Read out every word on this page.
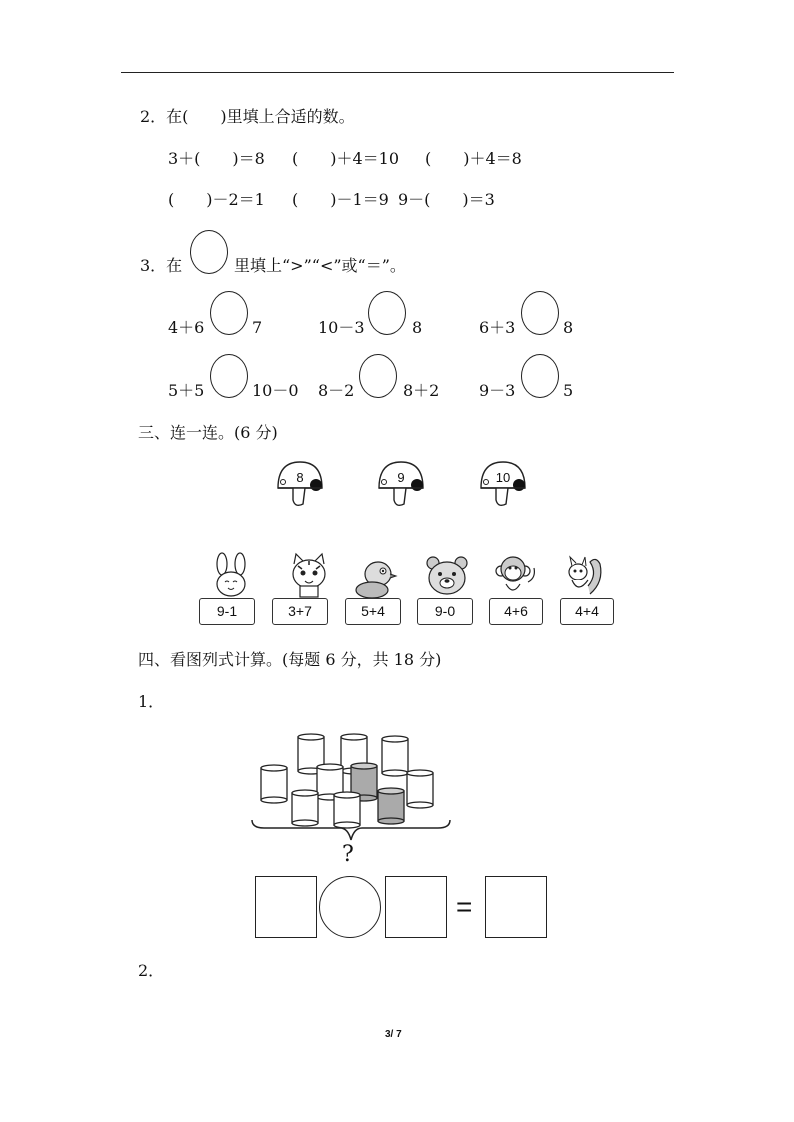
2．在(　　)里填上合适的数。
3＋(　　)＝8 (　　)＋4＝10 (　　)＋4＝8
(　　)－2＝1 (　　)－1＝9 9－(　　)＝3
3．在	里填上“>”“<”或“＝”。
4＋6	7	10－3	8	6＋3	8
5＋5	10－0 8－2	8＋2 9－3	5
三、连一连。(6 分)
8	9	10
9-1	3+7	5+4	9-0	4+6	4+4
四、看图列式计算。(每题 6 分，共 18 分)
1．
?
=
2．
3/ 7
